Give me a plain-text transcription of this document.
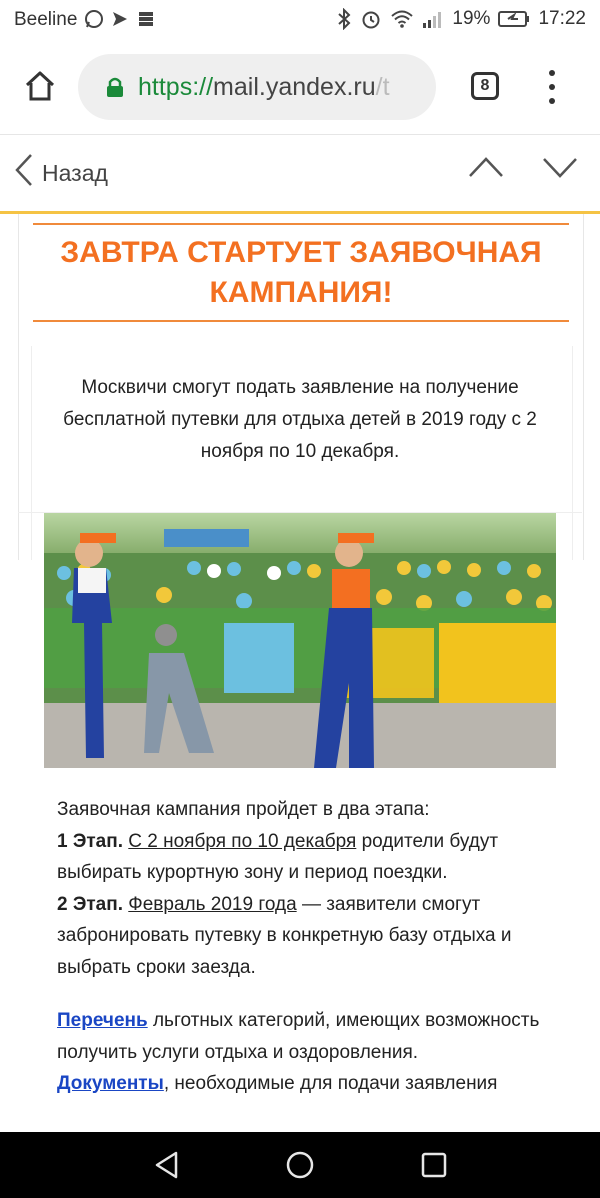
Beeline	19%	17:22
https://mail.yandex.ru/t	8
Назад
ЗАВТРА СТАРТУЕТ ЗАЯВОЧНАЯ КАМПАНИЯ!
Москвичи смогут подать заявление на получение бесплатной путевки для отдыха детей в 2019 году с 2 ноября по 10 декабря.

Заявочная кампания пройдет в два этапа:

1 Этап. С 2 ноября по 10 декабря родители будут выбирать курортную зону и период поездки.

2 Этап. Февраль 2019 года — заявители смогут забронировать путевку в конкретную базу отдыха и выбрать сроки заезда.

Перечень льготных категорий, имеющих возможность получить услуги отдыха и оздоровления.

Документы, необходимые для подачи заявления
